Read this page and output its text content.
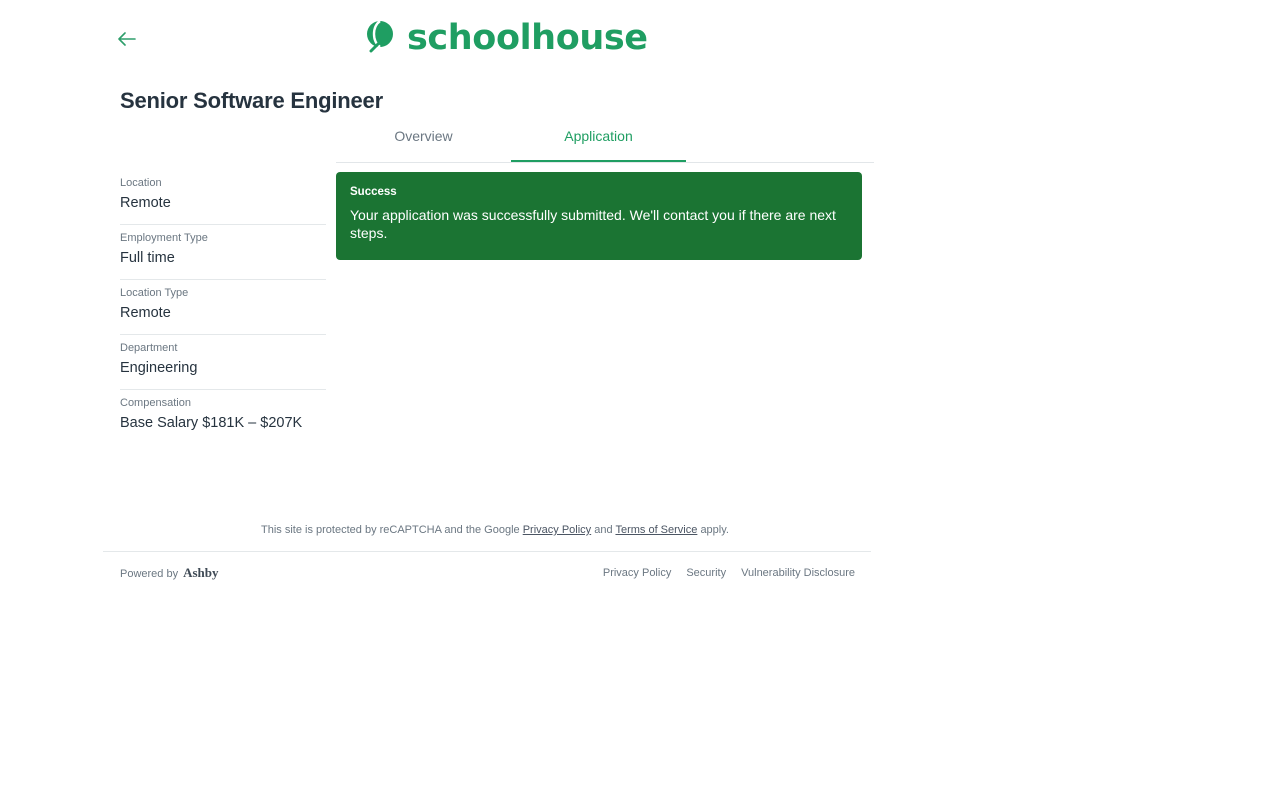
schoolhouse
Senior Software Engineer
Overview	Application
Success
Your application was successfully submitted. We'll contact you if there are next steps.
Location
Remote
Employment Type
Full time
Location Type
Remote
Department
Engineering
Compensation
Base Salary $181K – $207K
This site is protected by reCAPTCHA and the Google Privacy Policy and Terms of Service apply.
Powered by Ashby	Privacy Policy Security Vulnerability Disclosure
